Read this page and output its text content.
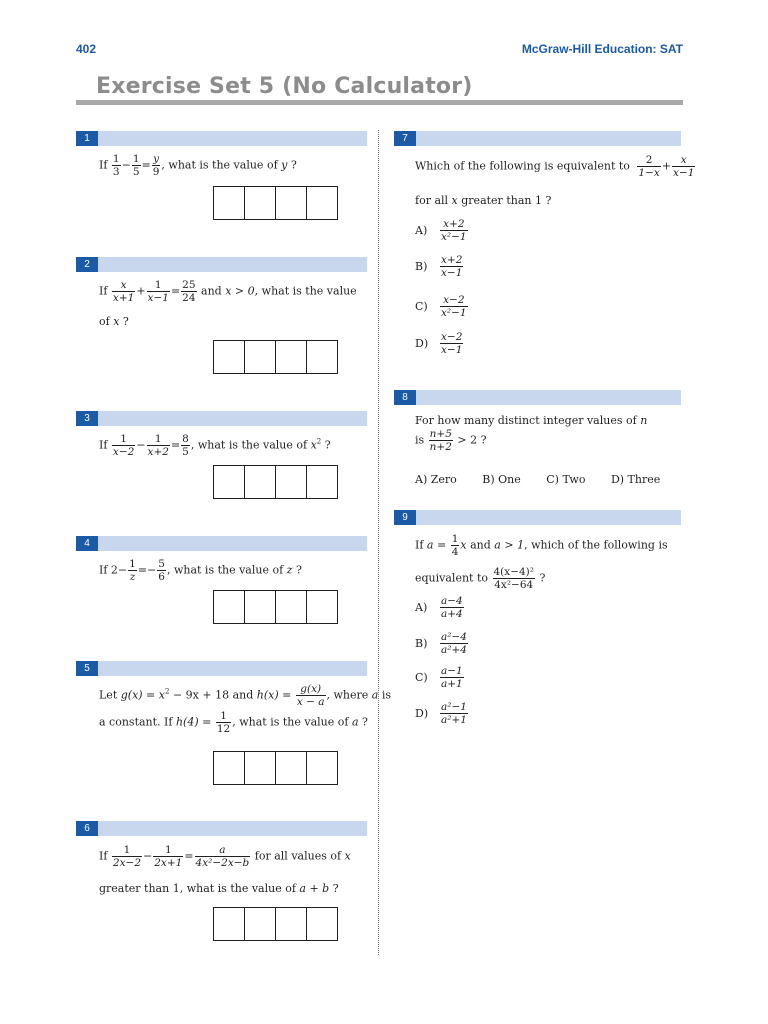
402	McGraw-Hill Education: SAT
Exercise Set 5 (No Calculator)
1
If $\frac{1}{3} - \frac{1}{5} = \frac{y}{9}$ , what is the value of y ?
2
If $\frac{x}{x+1} + \frac{1}{x-1} = \frac{25}{24}$ and x > 0, what is the value
of x ?
3
If $\frac{1}{x-2} - \frac{1}{x+2} = \frac{8}{5}$ , what is the value of $x^2$ ?
4
If $2- \frac{1}{z} =- \frac{5}{6}$ , what is the value of z ?
5
Let $g(x) = x^2 - 9x + 18$ and $h(x) = \frac{g(x)}{x - a}$ , where a is
a constant. If $h(4) = \frac{1}{12}$ , what is the value of a ?
6
If $\frac{1}{2x-2} - \frac{1}{2x+1} = \frac{a}{\text{4x²−2x−b}}$ for all values of x
greater than 1, what is the value of a + b ?
7
Which of the following is equivalent to $\frac{2}{1-x} + \frac{x}{x-1}$
for all x greater than 1 ?
$A) \frac{x+2}{\text{x²−1}}$
$B) \frac{x+2}{x-1}$
$C) \frac{x-2}{\text{x²−1}}$
$D) \frac{x-2}{x-1}$
8
For how many distinct integer values of n
is $\frac{n+5}{n+2} > 2$ ?
A) Zero B) One C) Two D) Three
9
If $a = \frac{1}{4}$ x and a > 1, which of the following is
equivalent to $\frac{\text{4(x−4)²}}{\text{4x²−64}}$ ?
$A) \frac{a-4}{a+4}$
$B) \frac{\text{a²−4}}{\text{a²+4}}$
$C) \frac{a-1}{a+1}$
$D) \frac{\text{a²−1}}{\text{a²+1}}$
